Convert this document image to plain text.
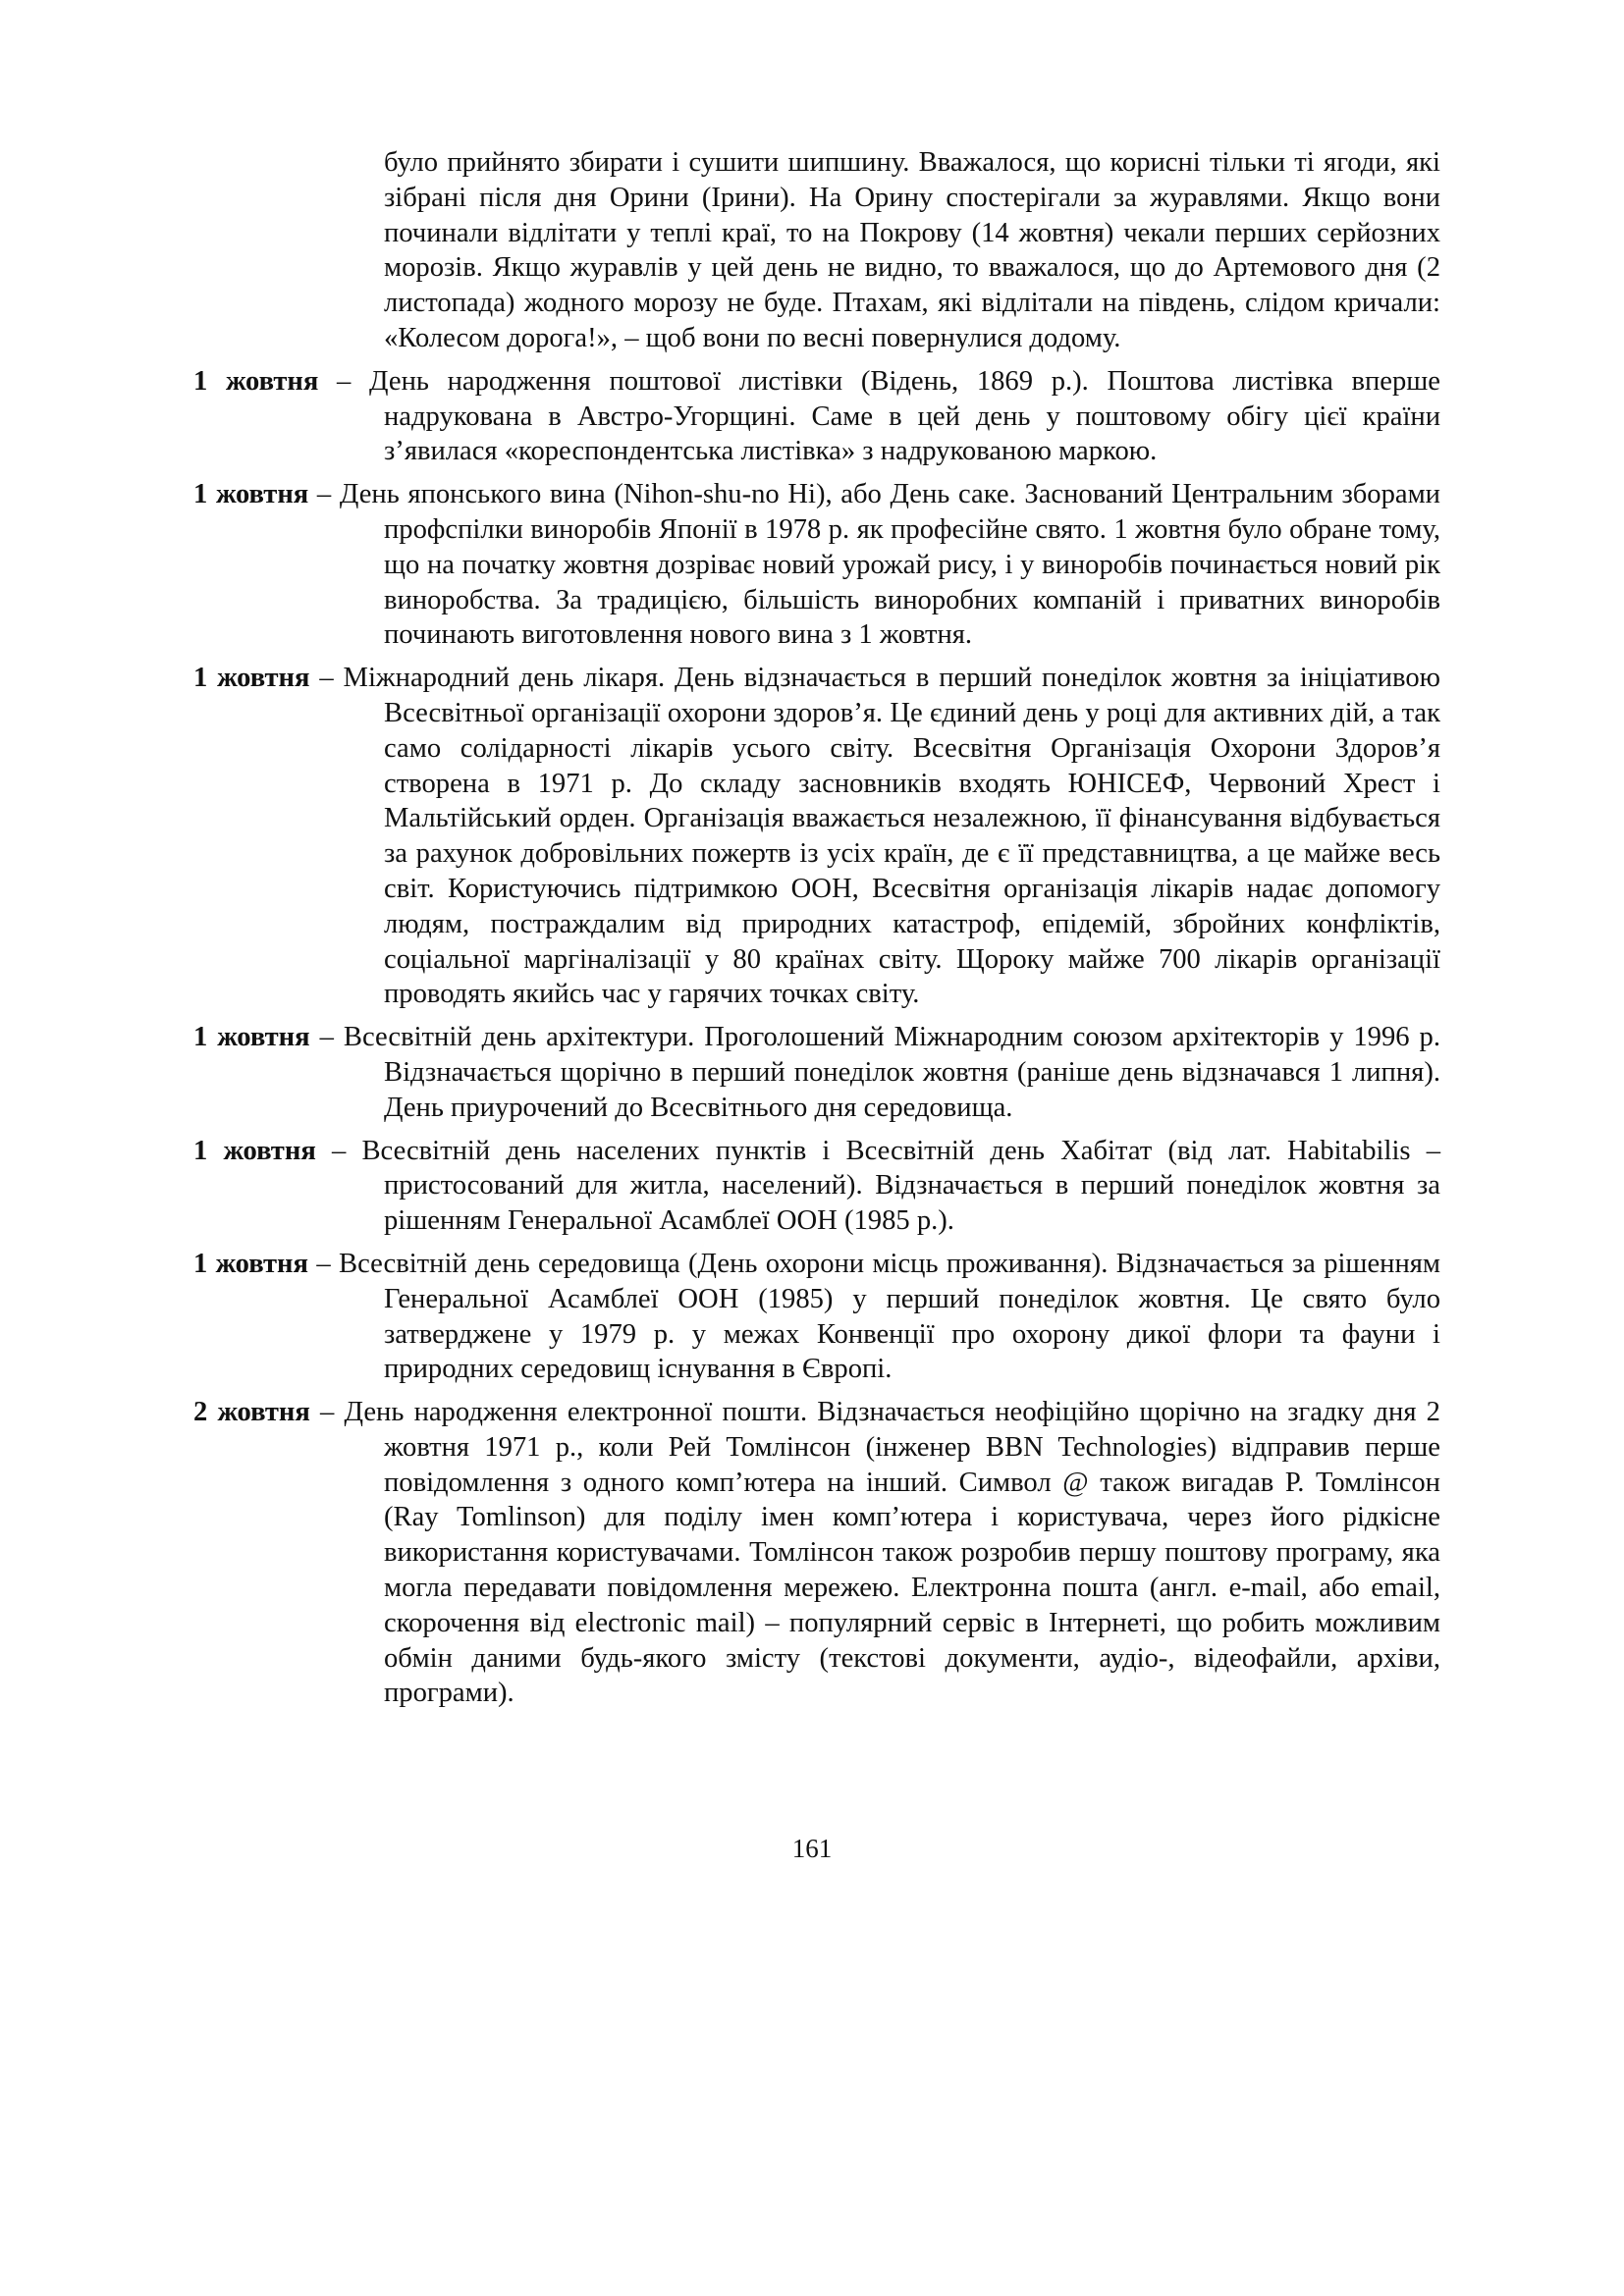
було прийнято збирати і сушити шипшину. Вважалося, що корисні тільки ті ягоди, які зібрані після дня Орини (Ірини). На Орину спостерігали за журавлями. Якщо вони починали відлітати у теплі краї, то на Покрову (14 жовтня) чекали перших серйозних морозів. Якщо журавлів у цей день не видно, то вважалося, що до Артемового дня (2 листопада) жодного морозу не буде. Птахам, які відлітали на південь, слідом кричали: «Колесом дорога!», – щоб вони по весні повернулися додому.

1 жовтня – День народження поштової листівки (Відень, 1869 р.). Поштова листівка вперше надрукована в Австро-Угорщині. Саме в цей день у поштовому обігу цієї країни з’явилася «кореспондентська листівка» з надрукованою маркою.

1 жовтня – День японського вина (Nihon-shu-no Hi), або День саке. Заснований Центральним зборами профспілки виноробів Японії в 1978 р. як професійне свято. 1 жовтня було обране тому, що на початку жовтня дозріває новий урожай рису, і у виноробів починається новий рік виноробства. За традицією, більшість виноробних компаній і приватних виноробів починають виготовлення нового вина з 1 жовтня.

1 жовтня – Міжнародний день лікаря. День відзначається в перший понеділок жовтня за ініціативою Всесвітньої організації охорони здоров’я. Це єдиний день у році для активних дій, а так само солідарності лікарів усього світу. Всесвітня Організація Охорони Здоров’я створена в 1971 р. До складу засновників входять ЮНІСЕФ, Червоний Хрест і Мальтійський орден. Організація вважається незалежною, її фінансування відбувається за рахунок добровільних пожертв із усіх країн, де є її представництва, а це майже весь світ. Користуючись підтримкою ООН, Всесвітня організація лікарів надає допомогу людям, постраждалим від природних катастроф, епідемій, збройних конфліктів, соціальної маргіналізації у 80 країнах світу. Щороку майже 700 лікарів організації проводять якийсь час у гарячих точках світу.

1 жовтня – Всесвітній день архітектури. Проголошений Міжнародним союзом архітекторів у 1996 р. Відзначається щорічно в перший понеділок жовтня (раніше день відзначався 1 липня). День приурочений до Всесвітнього дня середовища.

1 жовтня – Всесвітній день населених пунктів і Всесвітній день Хабітат (від лат. Habitabilis – пристосований для житла, населений). Відзначається в перший понеділок жовтня за рішенням Генеральної Асамблеї ООН (1985 р.).

1 жовтня – Всесвітній день середовища (День охорони місць проживання). Відзначається за рішенням Генеральної Асамблеї ООН (1985) у перший понеділок жовтня. Це свято було затверджене у 1979 р. у межах Конвенції про охорону дикої флори та фауни і природних середовищ існування в Європі.

2 жовтня – День народження електронної пошти. Відзначається неофіційно щорічно на згадку дня 2 жовтня 1971 р., коли Рей Томлінсон (інженер BBN Technologies) відправив перше повідомлення з одного комп’ютера на інший. Символ @ також вигадав Р. Томлінсон (Ray Tomlinson) для поділу імен комп’ютера і користувача, через його рідкісне використання користувачами. Томлінсон також розробив першу поштову програму, яка могла передавати повідомлення мережею. Електронна пошта (англ. e-mail, або email, скорочення від electronic mail) – популярний сервіс в Інтернеті, що робить можливим обмін даними будь-якого змісту (текстові документи, аудіо-, відеофайли, архіви, програми).

161
